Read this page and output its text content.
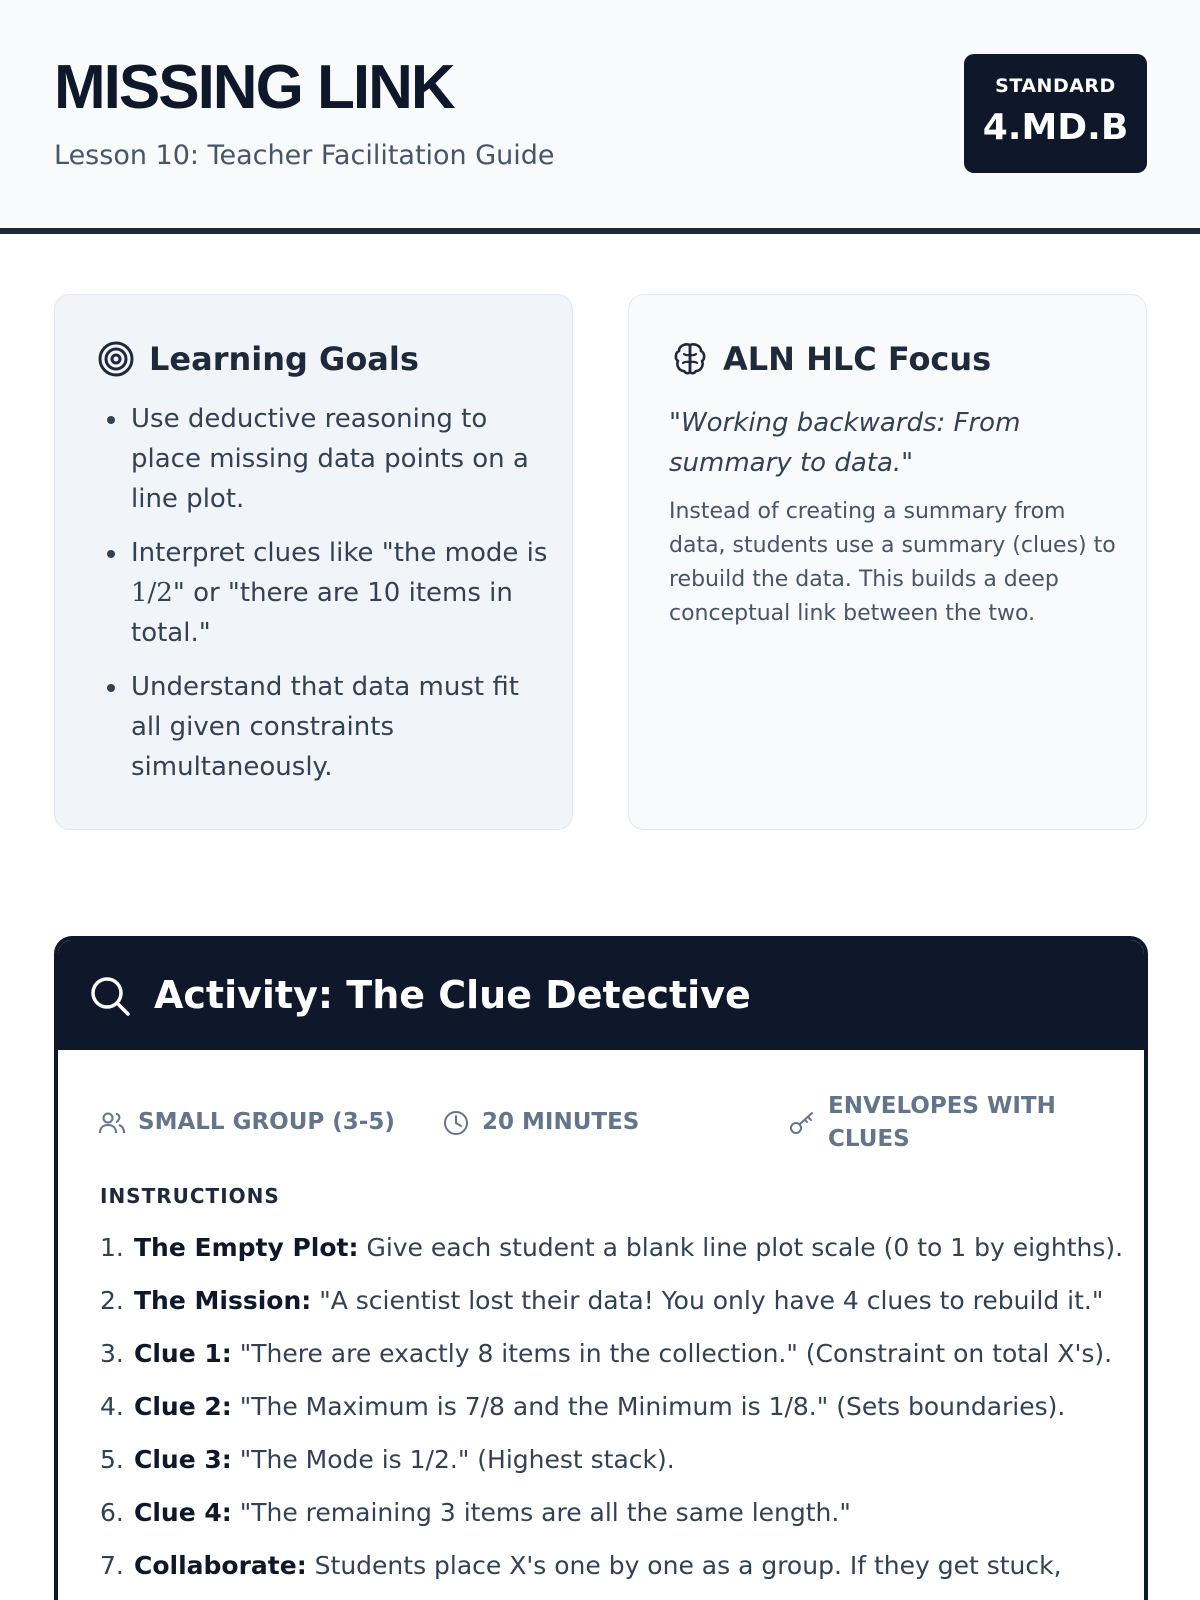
MISSING LINK
Lesson 10: Teacher Facilitation Guide
STANDARD
4.MD.B
Learning Goals
• Use deductive reasoning to place missing data points on a line plot.
• Interpret clues like "the mode is 1/2" or "there are 10 items in total."
• Understand that data must fit all given constraints simultaneously.
ALN HLC Focus
"Working backwards: From summary to data."
Instead of creating a summary from data, students use a summary (clues) to rebuild the data. This builds a deep conceptual link between the two.
Activity: The Clue Detective
SMALL GROUP (3-5)	20 MINUTES
ENVELOPES WITH CLUES
INSTRUCTIONS
1. The Empty Plot: Give each student a blank line plot scale (0 to 1 by eighths).
2. The Mission: "A scientist lost their data! You only have 4 clues to rebuild it."
3. Clue 1: "There are exactly 8 items in the collection." (Constraint on total X's).
4. Clue 2: "The Maximum is 7/8 and the Minimum is 1/8." (Sets boundaries).
5. Clue 3: "The Mode is 1/2." (Highest stack).
6. Clue 4: "The remaining 3 items are all the same length."
7. Collaborate: Students place X's one by one as a group. If they get stuck,
